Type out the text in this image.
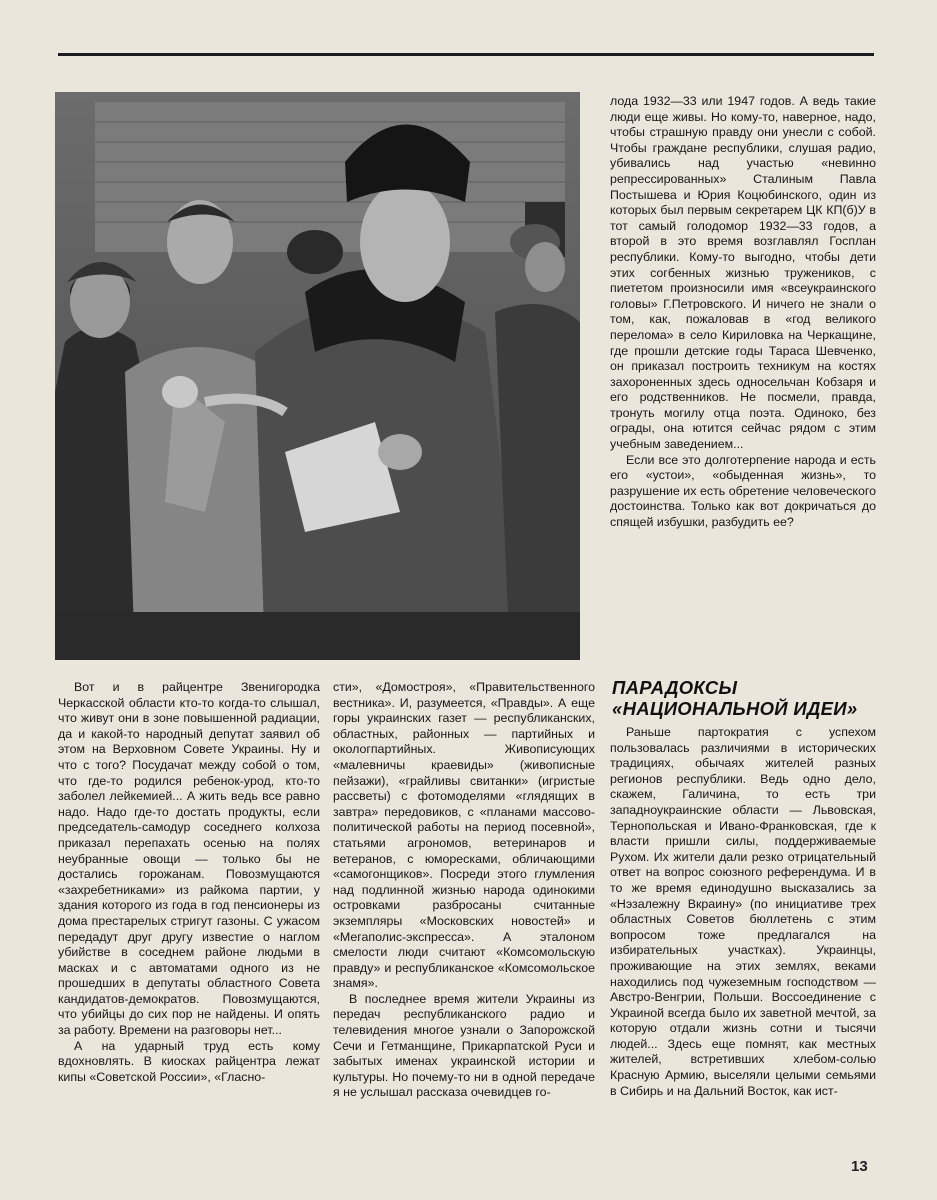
лода 1932—33 или 1947 годов. А ведь такие люди еще живы. Но кому-то, наверное, надо, чтобы страшную правду они унесли с собой. Чтобы граждане республики, слушая радио, убивались над участью «невинно репрессированных» Сталиным Павла Постышева и Юрия Коцюбинского, один из которых был первым секретарем ЦК КП(б)У в тот самый голодомор 1932—33 годов, а второй в это время возглавлял Госплан республики. Кому-то выгодно, чтобы дети этих согбенных жизнью тружеников, с пиететом произносили имя «всеукраинского головы» Г.Петровского. И ничего не знали о том, как, пожаловав в «год великого перелома» в село Кириловка на Черкащине, где прошли детские годы Тараса Шевченко, он приказал построить техникум на костях захороненных здесь односельчан Кобзаря и его родственников. Не посмели, правда, тронуть могилу отца поэта. Одиноко, без ограды, она ютится сейчас рядом с этим учебным заведением...

Если все это долготерпение народа и есть его «устои», «обыденная жизнь», то разрушение их есть обретение человеческого достоинства. Только как вот докричаться до спящей избушки, разбудить ее?

ПАРАДОКСЫ
«НАЦИОНАЛЬНОЙ ИДЕИ»

Вот и в райцентре Звенигородка Черкасской области кто-то когда-то слышал, что живут они в зоне повышенной радиации, да и какой-то народный депутат заявил об этом на Верховном Совете Украины. Ну и что с того? Посудачат между собой о том, что где-то родился ребенок-урод, кто-то заболел лейкемией... А жить ведь все равно надо. Надо где-то достать продукты, если председатель-самодур соседнего колхоза приказал перепахать осенью на полях неубранные овощи — только бы не достались горожанам. Повозмущаются «захребетниками» из райкома партии, у здания которого из года в год пенсионеры из дома престарелых стригут газоны. С ужасом передадут друг другу известие о наглом убийстве в соседнем районе людьми в масках и с автоматами одного из не прошедших в депутаты областного Совета кандидатов-демократов. Повозмущаются, что убийцы до сих пор не найдены. И опять за работу. Времени на разговоры нет...

А на ударный труд есть кому вдохновлять. В киосках райцентра лежат кипы «Советской России», «Гласно-

сти», «Домостроя», «Правительственного вестника». И, разумеется, «Правды». А еще горы украинских газет — республиканских, областных, районных — партийных и окологпартийных. Живописующих «малевничы краевиды» (живописные пейзажи), «грайливы свитанки» (игристые рассветы) с фотомоделями «глядящих в завтра» передовиков, с «планами массово-политической работы на период посевной», статьями агрономов, ветеринаров и ветеранов, с юморесками, обличающими «самогонщиков». Посреди этого глумления над подлинной жизнью народа одинокими островками разбросаны считанные экземпляры «Московских новостей» и «Мегаполис-экспресса». А эталоном смелости люди считают «Комсомольскую правду» и республиканское «Комсомольское знамя».

В последнее время жители Украины из передач республиканского радио и телевидения многое узнали о Запорожской Сечи и Гетманщине, Прикарпатской Руси и забытых именах украинской истории и культуры. Но почему-то ни в одной передаче я не услышал рассказа очевидцев го-

Раньше партократия с успехом пользовалась различиями в исторических традициях, обычаях жителей разных регионов республики. Ведь одно дело, скажем, Галичина, то есть три западноукраинские области — Львовская, Тернопольская и Ивано-Франковская, где к власти пришли силы, поддерживаемые Рухом. Их жители дали резко отрицательный ответ на вопрос союзного референдума. И в то же время единодушно высказались за «Нэзалежну Вкраину» (по инициативе трех областных Советов бюллетень с этим вопросом тоже предлагался на избирательных участках). Украинцы, проживающие на этих землях, веками находились под чужеземным господством — Австро-Венгрии, Польши. Воссоединение с Украиной всегда было их заветной мечтой, за которую отдали жизнь сотни и тысячи людей... Здесь еще помнят, как местных жителей, встретивших хлебом-солью Красную Армию, выселяли целыми семьями в Сибирь и на Дальний Восток, как ист-

13
